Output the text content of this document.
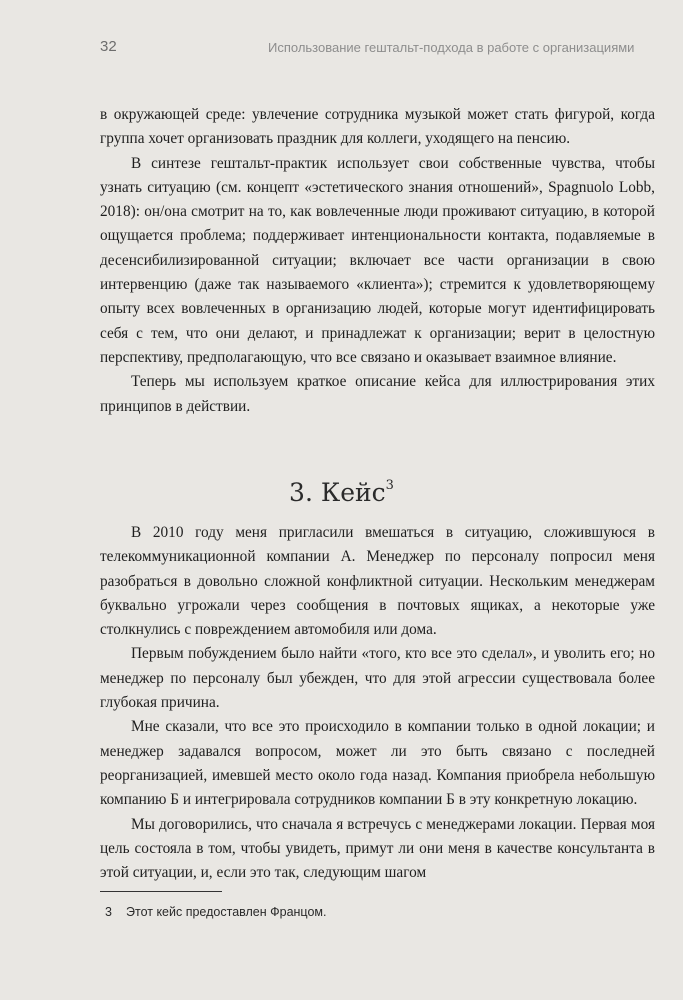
32	Использование гештальт-подхода в работе с организациями

в окружающей среде: увлечение сотрудника музыкой может стать фигурой, когда группа хочет организовать праздник для коллеги, уходящего на пенсию.

В синтезе гештальт-практик использует свои собственные чувства, чтобы узнать ситуацию (см. концепт «эстетического знания отношений», Spagnuolo Lobb, 2018): он/она смотрит на то, как вовлеченные люди проживают ситуацию, в которой ощущается проблема; поддерживает интенциональности контакта, подавляемые в десенсибилизированной ситуации; включает все части организации в свою интервенцию (даже так называемого «клиента»); стремится к удовлетворяющему опыту всех вовлеченных в организацию людей, которые могут идентифицировать себя с тем, что они делают, и принадлежат к организации; верит в целостную перспективу, предполагающую, что все связано и оказывает взаимное влияние.

Теперь мы используем краткое описание кейса для иллюстрирования этих принципов в действии.

3. Кейс$^3$

В 2010 году меня пригласили вмешаться в ситуацию, сложившуюся в телекоммуникационной компании А. Менеджер по персоналу попросил меня разобраться в довольно сложной конфликтной ситуации. Нескольким менеджерам буквально угрожали через сообщения в почтовых ящиках, а некоторые уже столкнулись с повреждением автомобиля или дома.

Первым побуждением было найти «того, кто все это сделал», и уволить его; но менеджер по персоналу был убежден, что для этой агрессии существовала более глубокая причина.

Мне сказали, что все это происходило в компании только в одной локации; и менеджер задавался вопросом, может ли это быть связано с последней реорганизацией, имевшей место около года назад. Компания приобрела небольшую компанию Б и интегрировала сотрудников компании Б в эту конкретную локацию.

Мы договорились, что сначала я встречусь с менеджерами локации. Первая моя цель состояла в том, чтобы увидеть, примут ли они меня в качестве консультанта в этой ситуации, и, если это так, следующим шагом

3 Этот кейс предоставлен Францом.
